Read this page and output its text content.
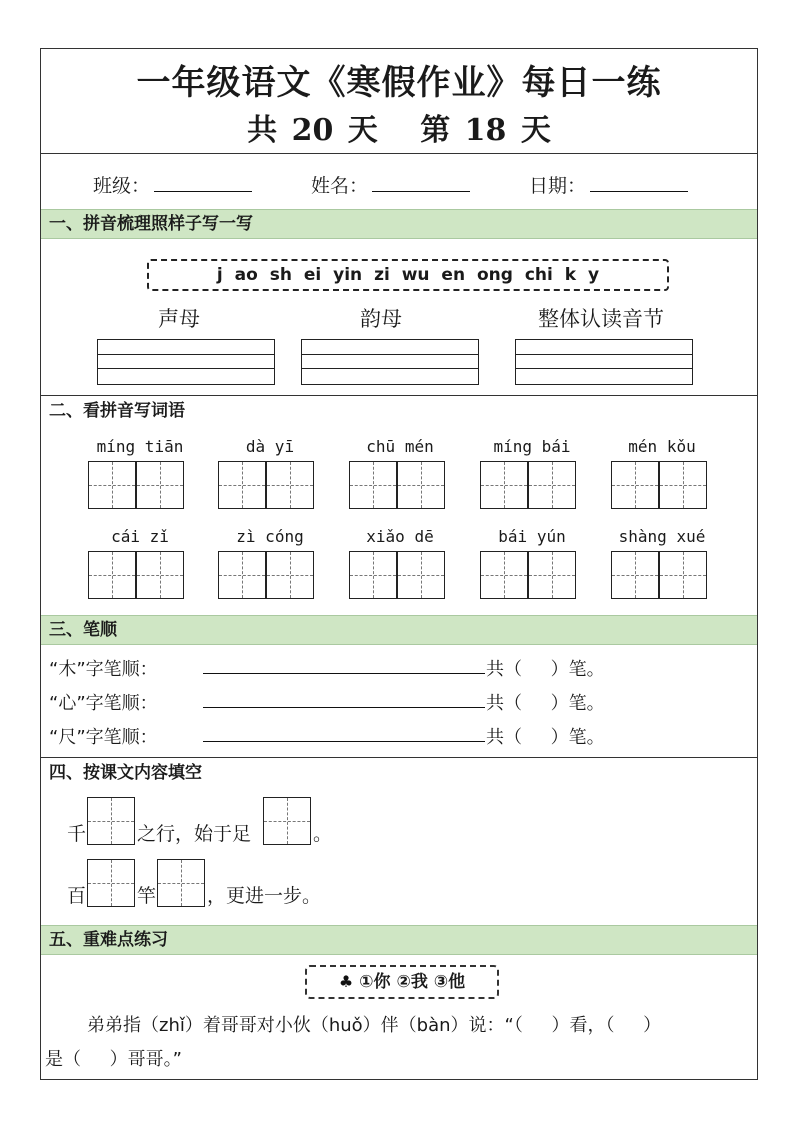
一年级语文《寒假作业》每日一练
共 20 天 第 18 天
班级：	姓名：	日期：
一、拼音梳理照样子写一写
j ao sh ei yin zi wu en ong chi k y
声母	韵母	整体认读音节
二、看拼音写词语
míng tiān	dà yī	chū mén	míng bái	mén kǒu
cái zǐ	zì cóng	xiǎo dē	bái yún	shàng xué
三、笔顺
“木”字笔顺：	共（     ）笔。
“心”字笔顺：	共（     ）笔。
“尺”字笔顺：	共（     ）笔。
四、按课文内容填空
千	之行，始于足	。
百	竿	，更进一步。
五、重难点练习
♣ ①你 ②我 ③他
弟弟指（zhǐ）着哥哥对小伙（huǒ）伴（bàn）说：“（     ）看，（     ）
是（     ）哥哥。”
